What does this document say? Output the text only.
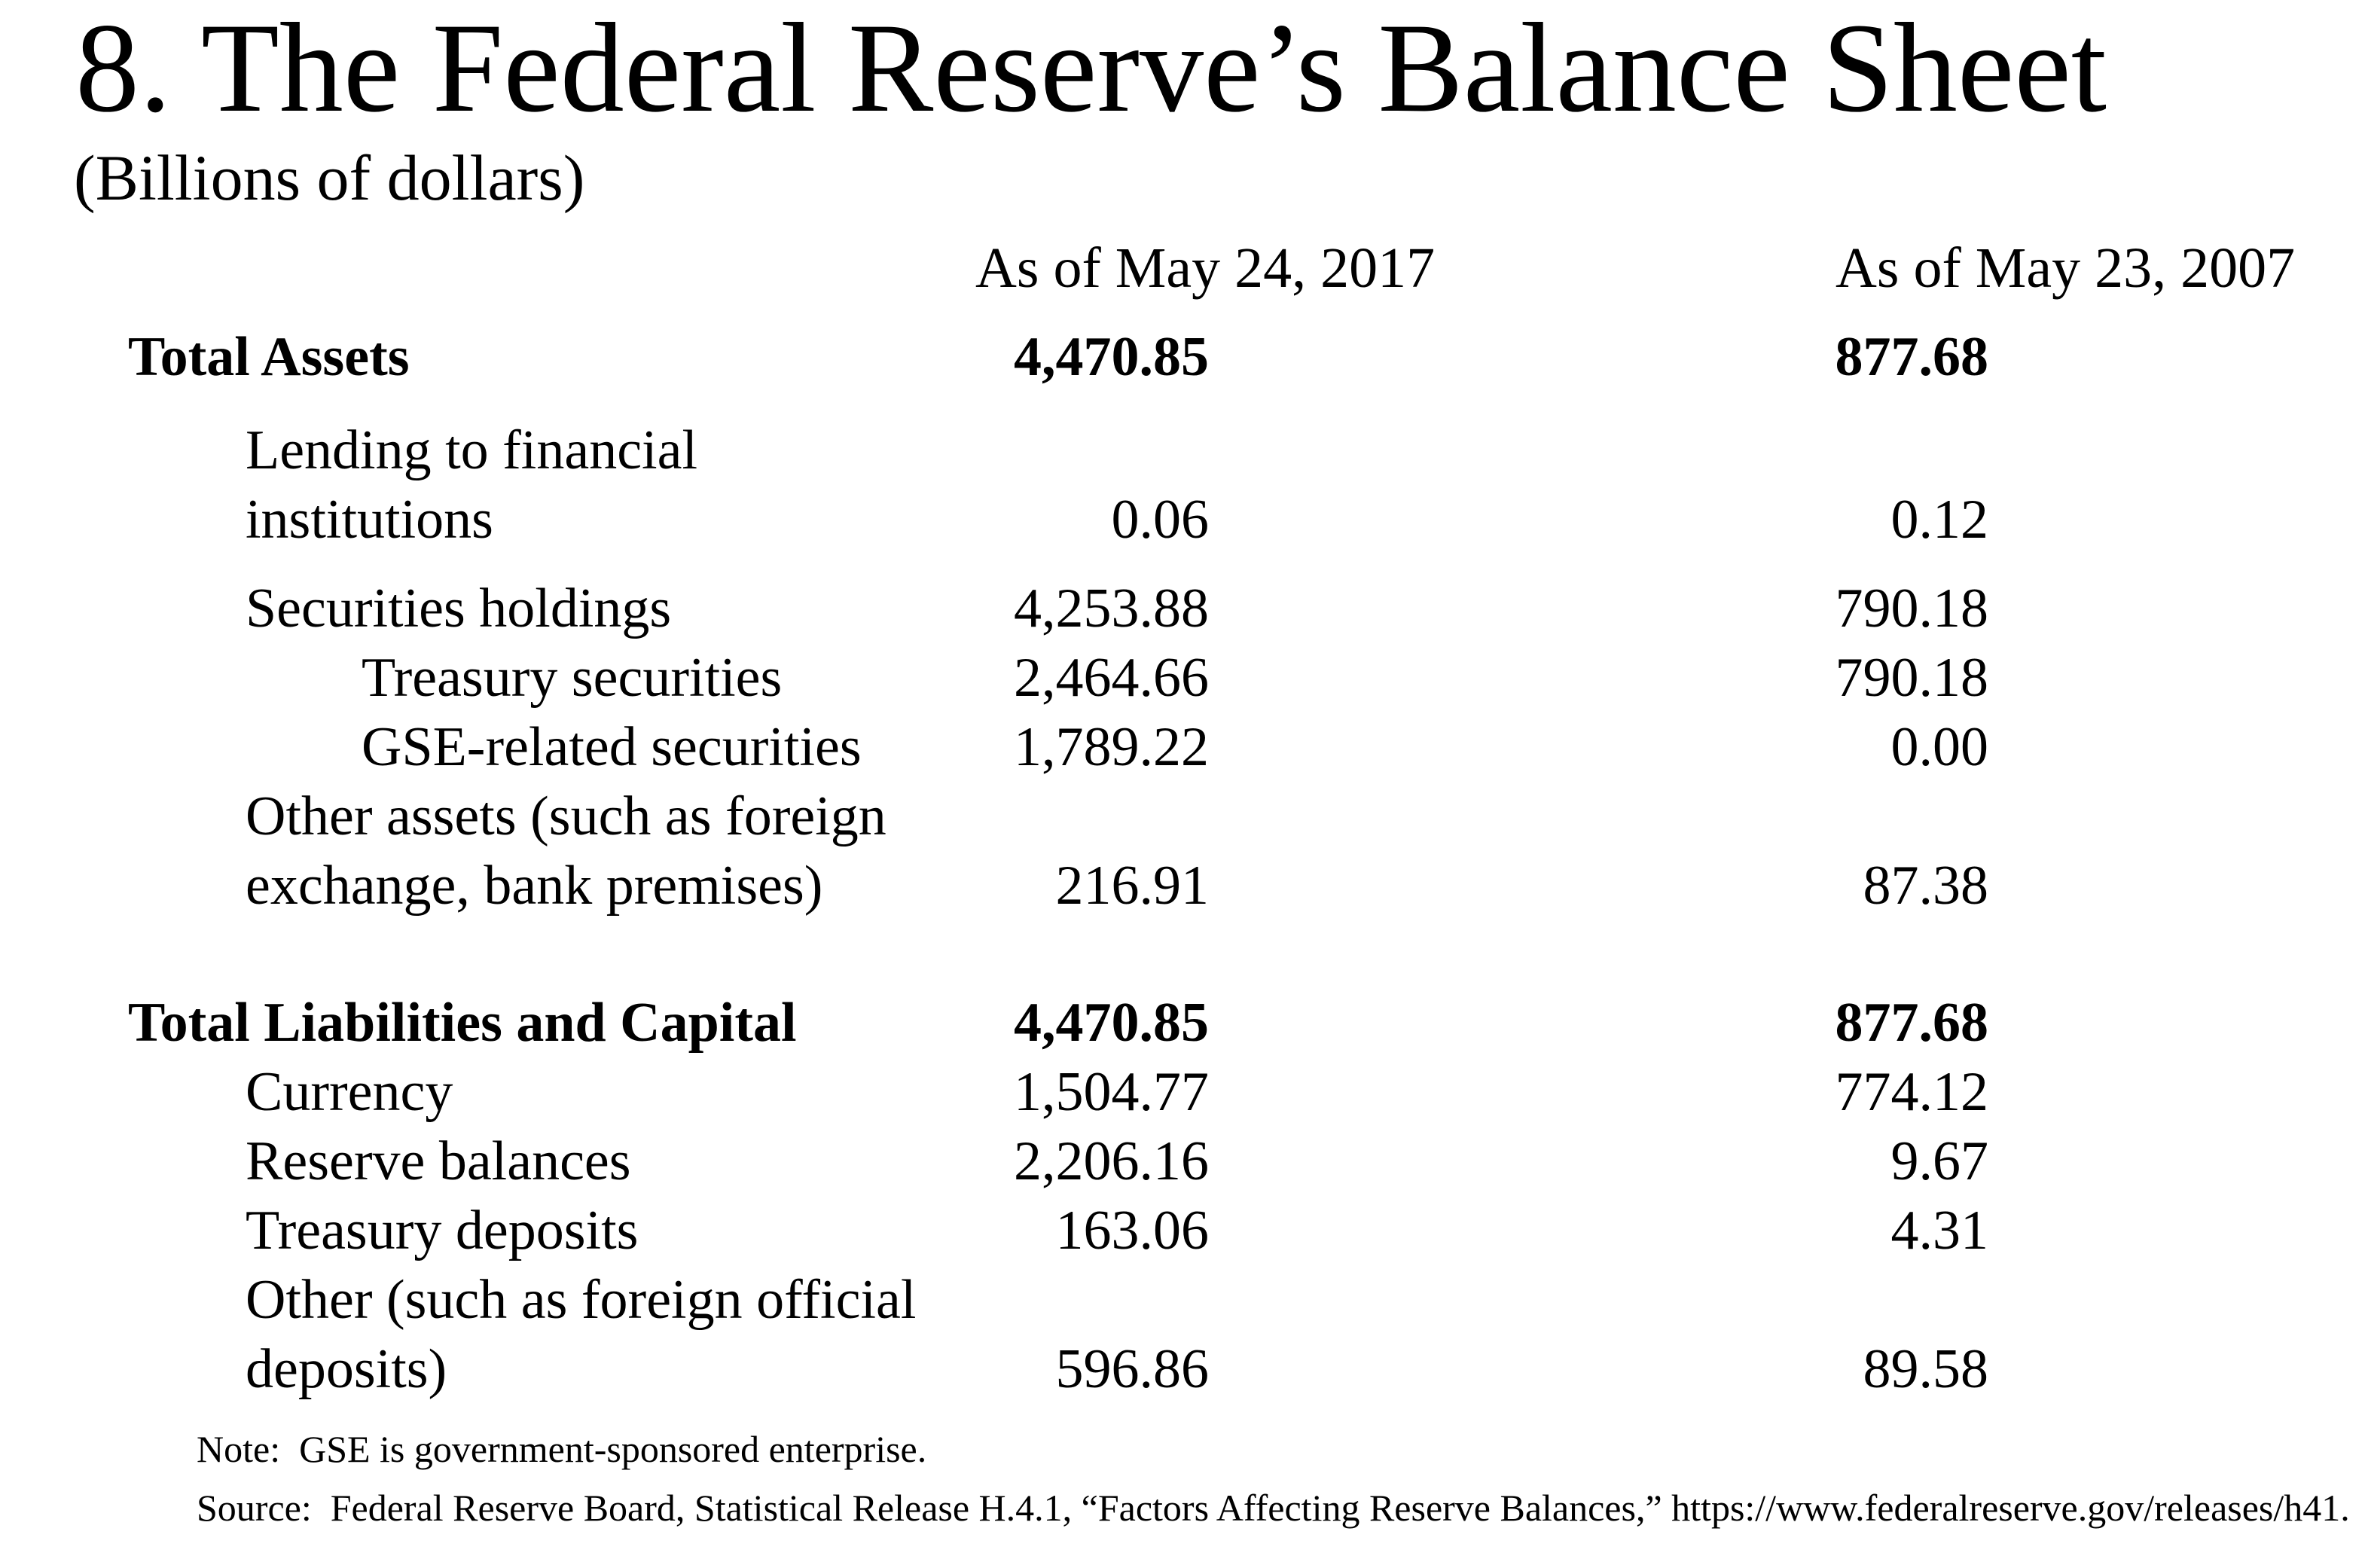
8. The Federal Reserve’s Balance Sheet
(Billions of dollars)
As of May 24, 2017	As of May 23, 2007
Total Assets	4,470.85	877.68
Lending to financial
institutions	0.06	0.12
Securities holdings	4,253.88	790.18
Treasury securities	2,464.66	790.18
GSE-related securities	1,789.22	0.00
Other assets (such as foreign
exchange, bank premises)	216.91	87.38
Total Liabilities and Capital	4,470.85	877.68
Currency	1,504.77	774.12
Reserve balances	2,206.16	9.67
Treasury deposits	163.06	4.31
Other (such as foreign official
deposits)	596.86	89.58
Note:  GSE is government-sponsored enterprise.
Source:  Federal Reserve Board, Statistical Release H.4.1, “Factors Affecting Reserve Balances,” https://www.federalreserve.gov/releases/h41.
